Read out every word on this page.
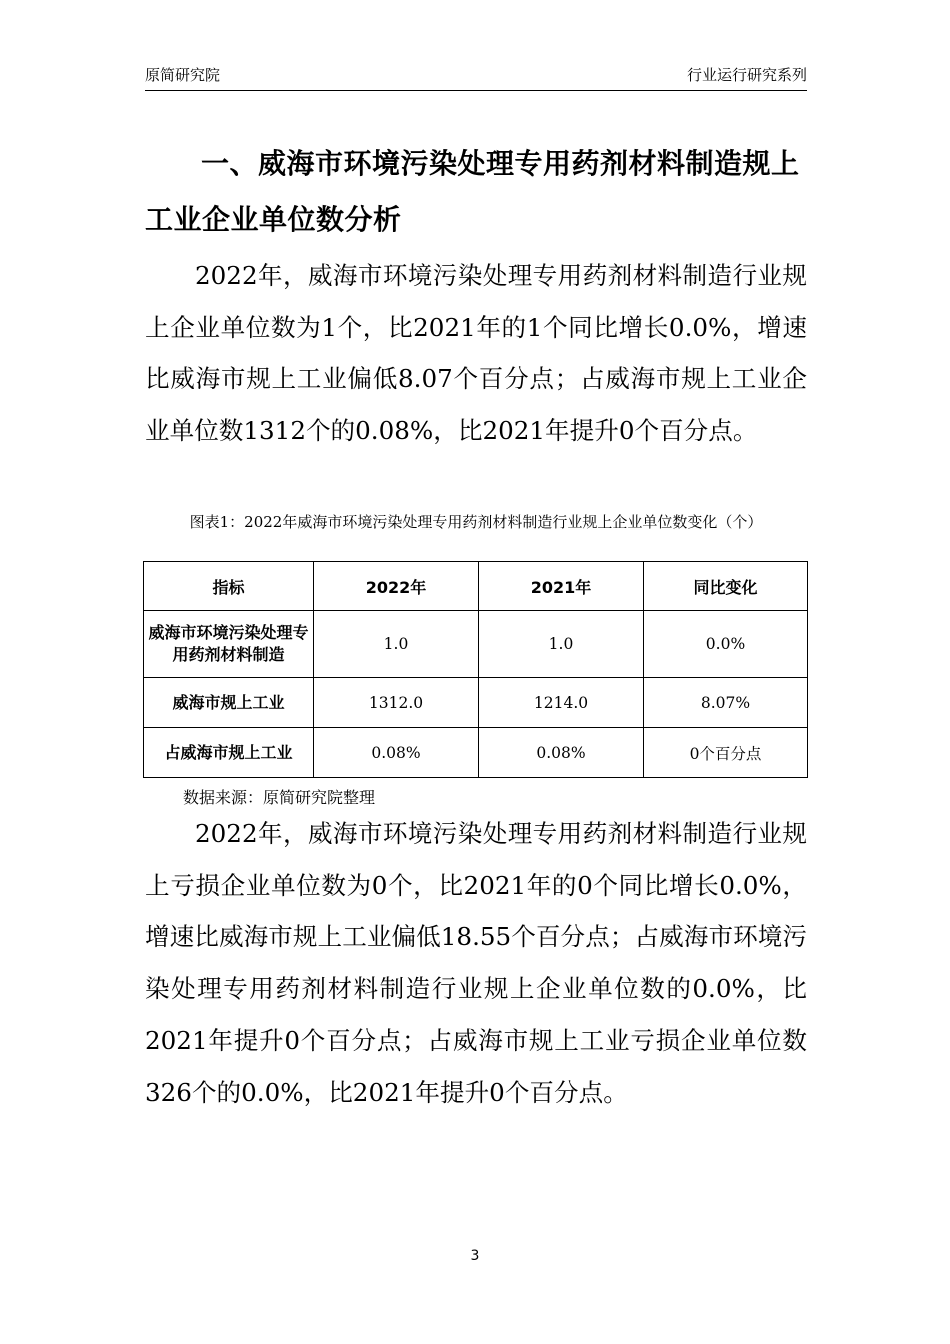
原简研究院	行业运行研究系列
一、威海市环境污染处理专用药剂材料制造规上工业企业单位数分析
2022年，威海市环境污染处理专用药剂材料制造行业规上企业单位数为1个，比2021年的1个同比增长0.0%，增速比威海市规上工业偏低8.07个百分点；占威海市规上工业企业单位数1312个的0.08%，比2021年提升0个百分点。
图表1：2022年威海市环境污染处理专用药剂材料制造行业规上企业单位数变化（个）
指标	2022年	2021年	同比变化
威海市环境污染处理专用药剂材料制造	1.0	1.0	0.0%
威海市规上工业	1312.0	1214.0	8.07%
占威海市规上工业	0.08%	0.08%	0个百分点
数据来源：原简研究院整理
2022年，威海市环境污染处理专用药剂材料制造行业规上亏损企业单位数为0个，比2021年的0个同比增长0.0%，增速比威海市规上工业偏低18.55个百分点；占威海市环境污染处理专用药剂材料制造行业规上企业单位数的0.0%，比2021年提升0个百分点；占威海市规上工业亏损企业单位数326个的0.0%，比2021年提升0个百分点。
3
